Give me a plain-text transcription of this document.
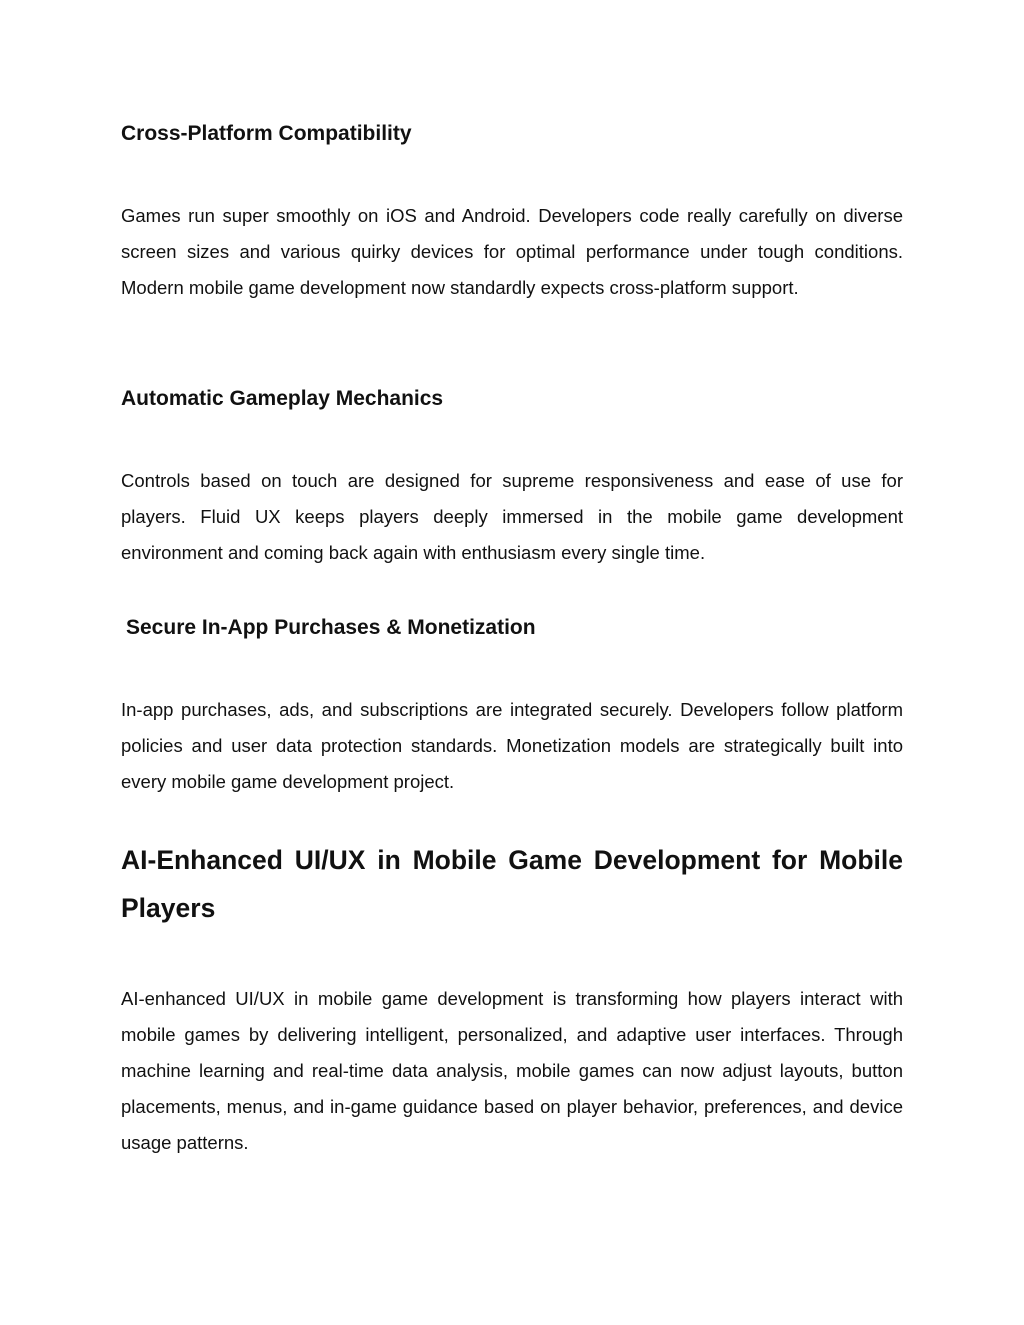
Cross-Platform Compatibility

Games run super smoothly on iOS and Android. Developers code really carefully on diverse screen sizes and various quirky devices for optimal performance under tough conditions. Modern mobile game development now standardly expects cross-platform support.

Automatic Gameplay Mechanics

Controls based on touch are designed for supreme responsiveness and ease of use for players. Fluid UX keeps players deeply immersed in the mobile game development environment and coming back again with enthusiasm every single time.

Secure In-App Purchases & Monetization

In-app purchases, ads, and subscriptions are integrated securely. Developers follow platform policies and user data protection standards. Monetization models are strategically built into every mobile game development project.

AI-Enhanced UI/UX in Mobile Game Development for Mobile Players

AI-enhanced UI/UX in mobile game development is transforming how players interact with mobile games by delivering intelligent, personalized, and adaptive user interfaces. Through machine learning and real-time data analysis, mobile games can now adjust layouts, button placements, menus, and in-game guidance based on player behavior, preferences, and device usage patterns.
